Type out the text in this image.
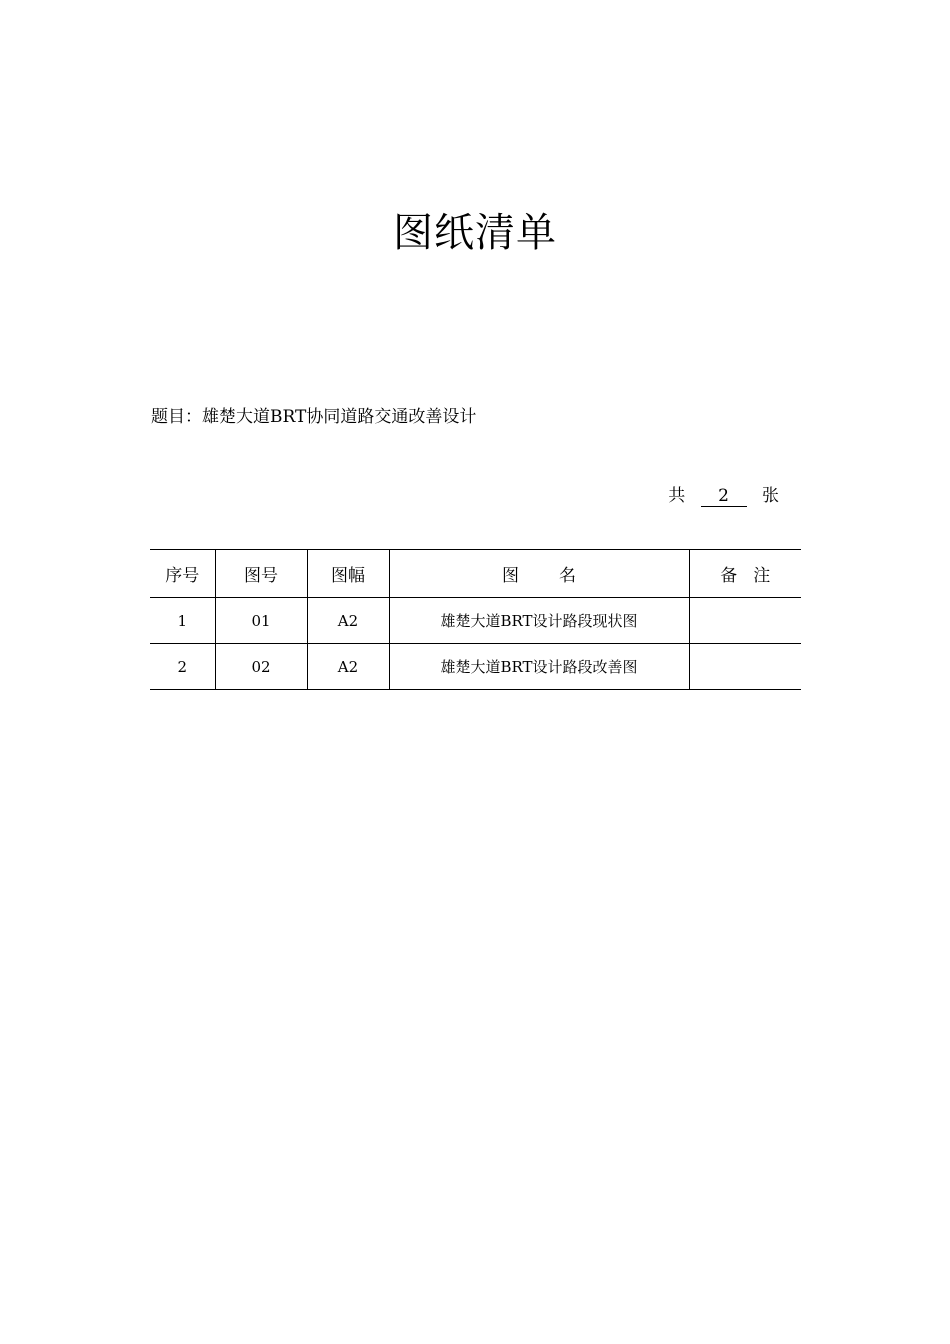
图纸清单
题目：雄楚大道BRT协同道路交通改善设计
共 2 张
序号	图号	图幅	图名	备注
1	01	A2	雄楚大道BRT设计路段现状图	
2	02	A2	雄楚大道BRT设计路段改善图	
